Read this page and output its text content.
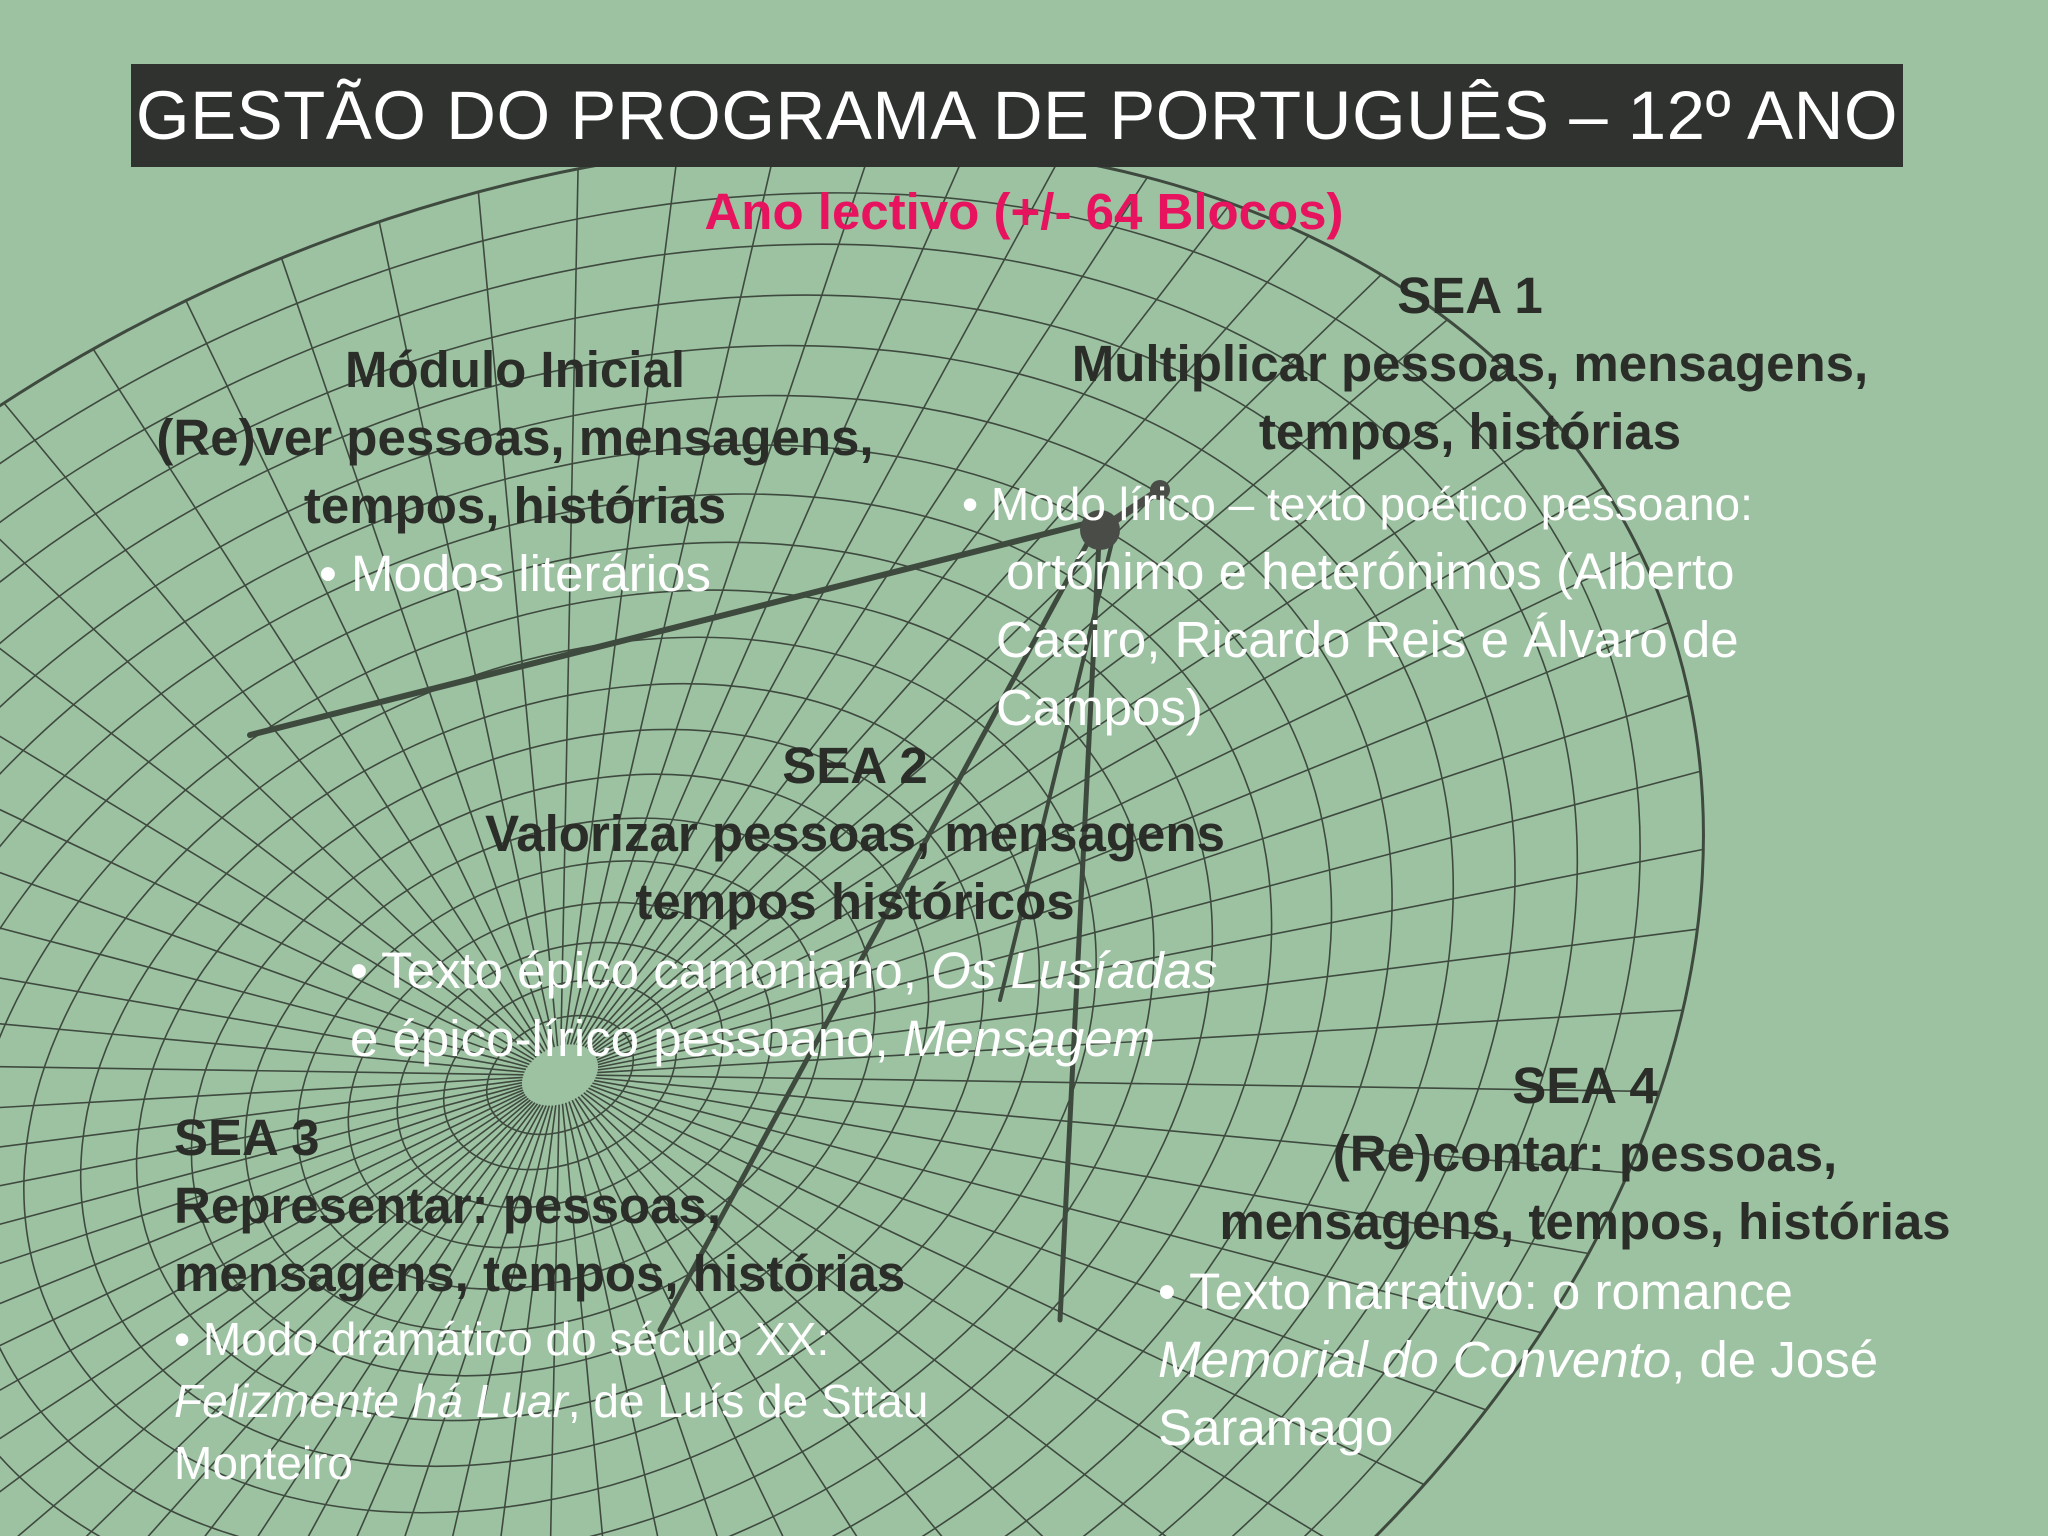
GESTÃO DO PROGRAMA DE PORTUGUÊS – 12º ANO
Ano lectivo (+/- 64 Blocos)
Módulo Inicial
(Re)ver pessoas, mensagens,
tempos, histórias
• Modos literários
SEA 1
Multiplicar pessoas, mensagens,
tempos, histórias
• Modo lírico – texto poético pessoano:
ortónimo e heterónimos (Alberto
Caeiro, Ricardo Reis e Álvaro de
Campos)
SEA 2
Valorizar pessoas, mensagens
tempos históricos
• Texto épico camoniano, Os Lusíadas
e épico-lírico pessoano, Mensagem
SEA 3
Representar: pessoas,
mensagens, tempos, histórias
• Modo dramático do século XX:
Felizmente há Luar, de Luís de Sttau
Monteiro
SEA 4
(Re)contar: pessoas,
mensagens, tempos, histórias
• Texto narrativo: o romance
Memorial do Convento, de José
Saramago
